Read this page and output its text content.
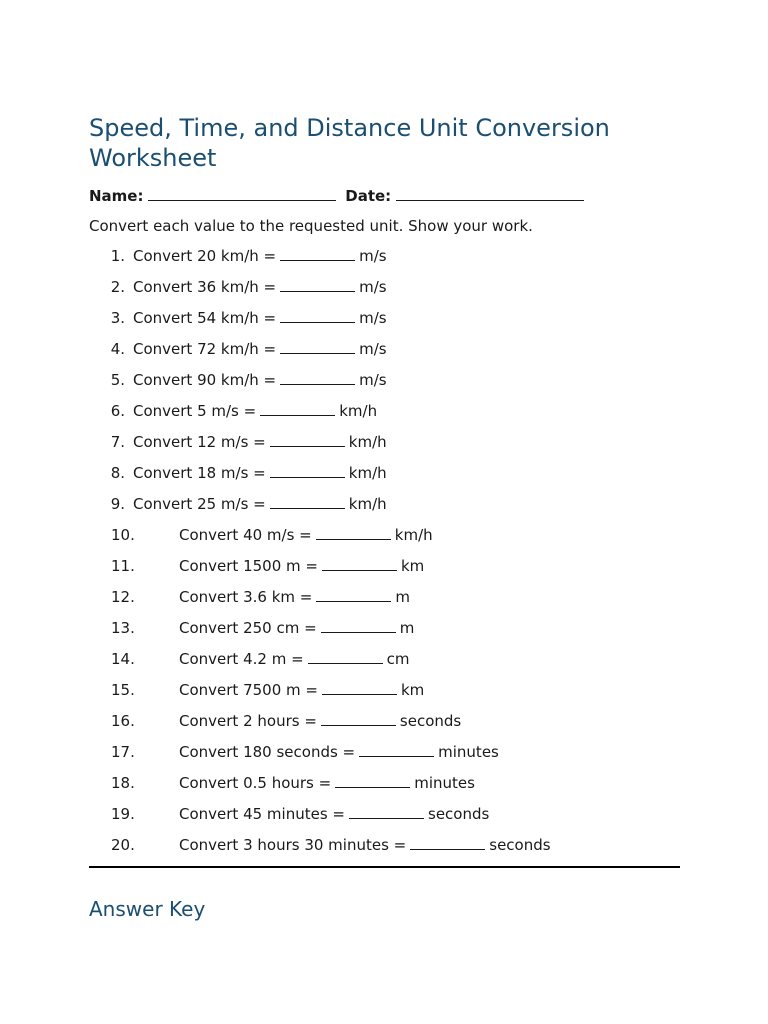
Speed, Time, and Distance Unit Conversion Worksheet
Name:	Date:
Convert each value to the requested unit. Show your work.
1. Convert 20 km/h =	m/s
2. Convert 36 km/h =	m/s
3. Convert 54 km/h =	m/s
4. Convert 72 km/h =	m/s
5. Convert 90 km/h =	m/s
6. Convert 5 m/s =	km/h
7. Convert 12 m/s =	km/h
8. Convert 18 m/s =	km/h
9. Convert 25 m/s =	km/h
10.	Convert 40 m/s =	km/h
11.	Convert 1500 m =	km
12.	Convert 3.6 km =	m
13.	Convert 250 cm =	m
14.	Convert 4.2 m =	cm
15.	Convert 7500 m =	km
16.	Convert 2 hours =	seconds
17.	Convert 180 seconds =	minutes
18.	Convert 0.5 hours =	minutes
19.	Convert 45 minutes =	seconds
20.	Convert 3 hours 30 minutes =	seconds
Answer Key
